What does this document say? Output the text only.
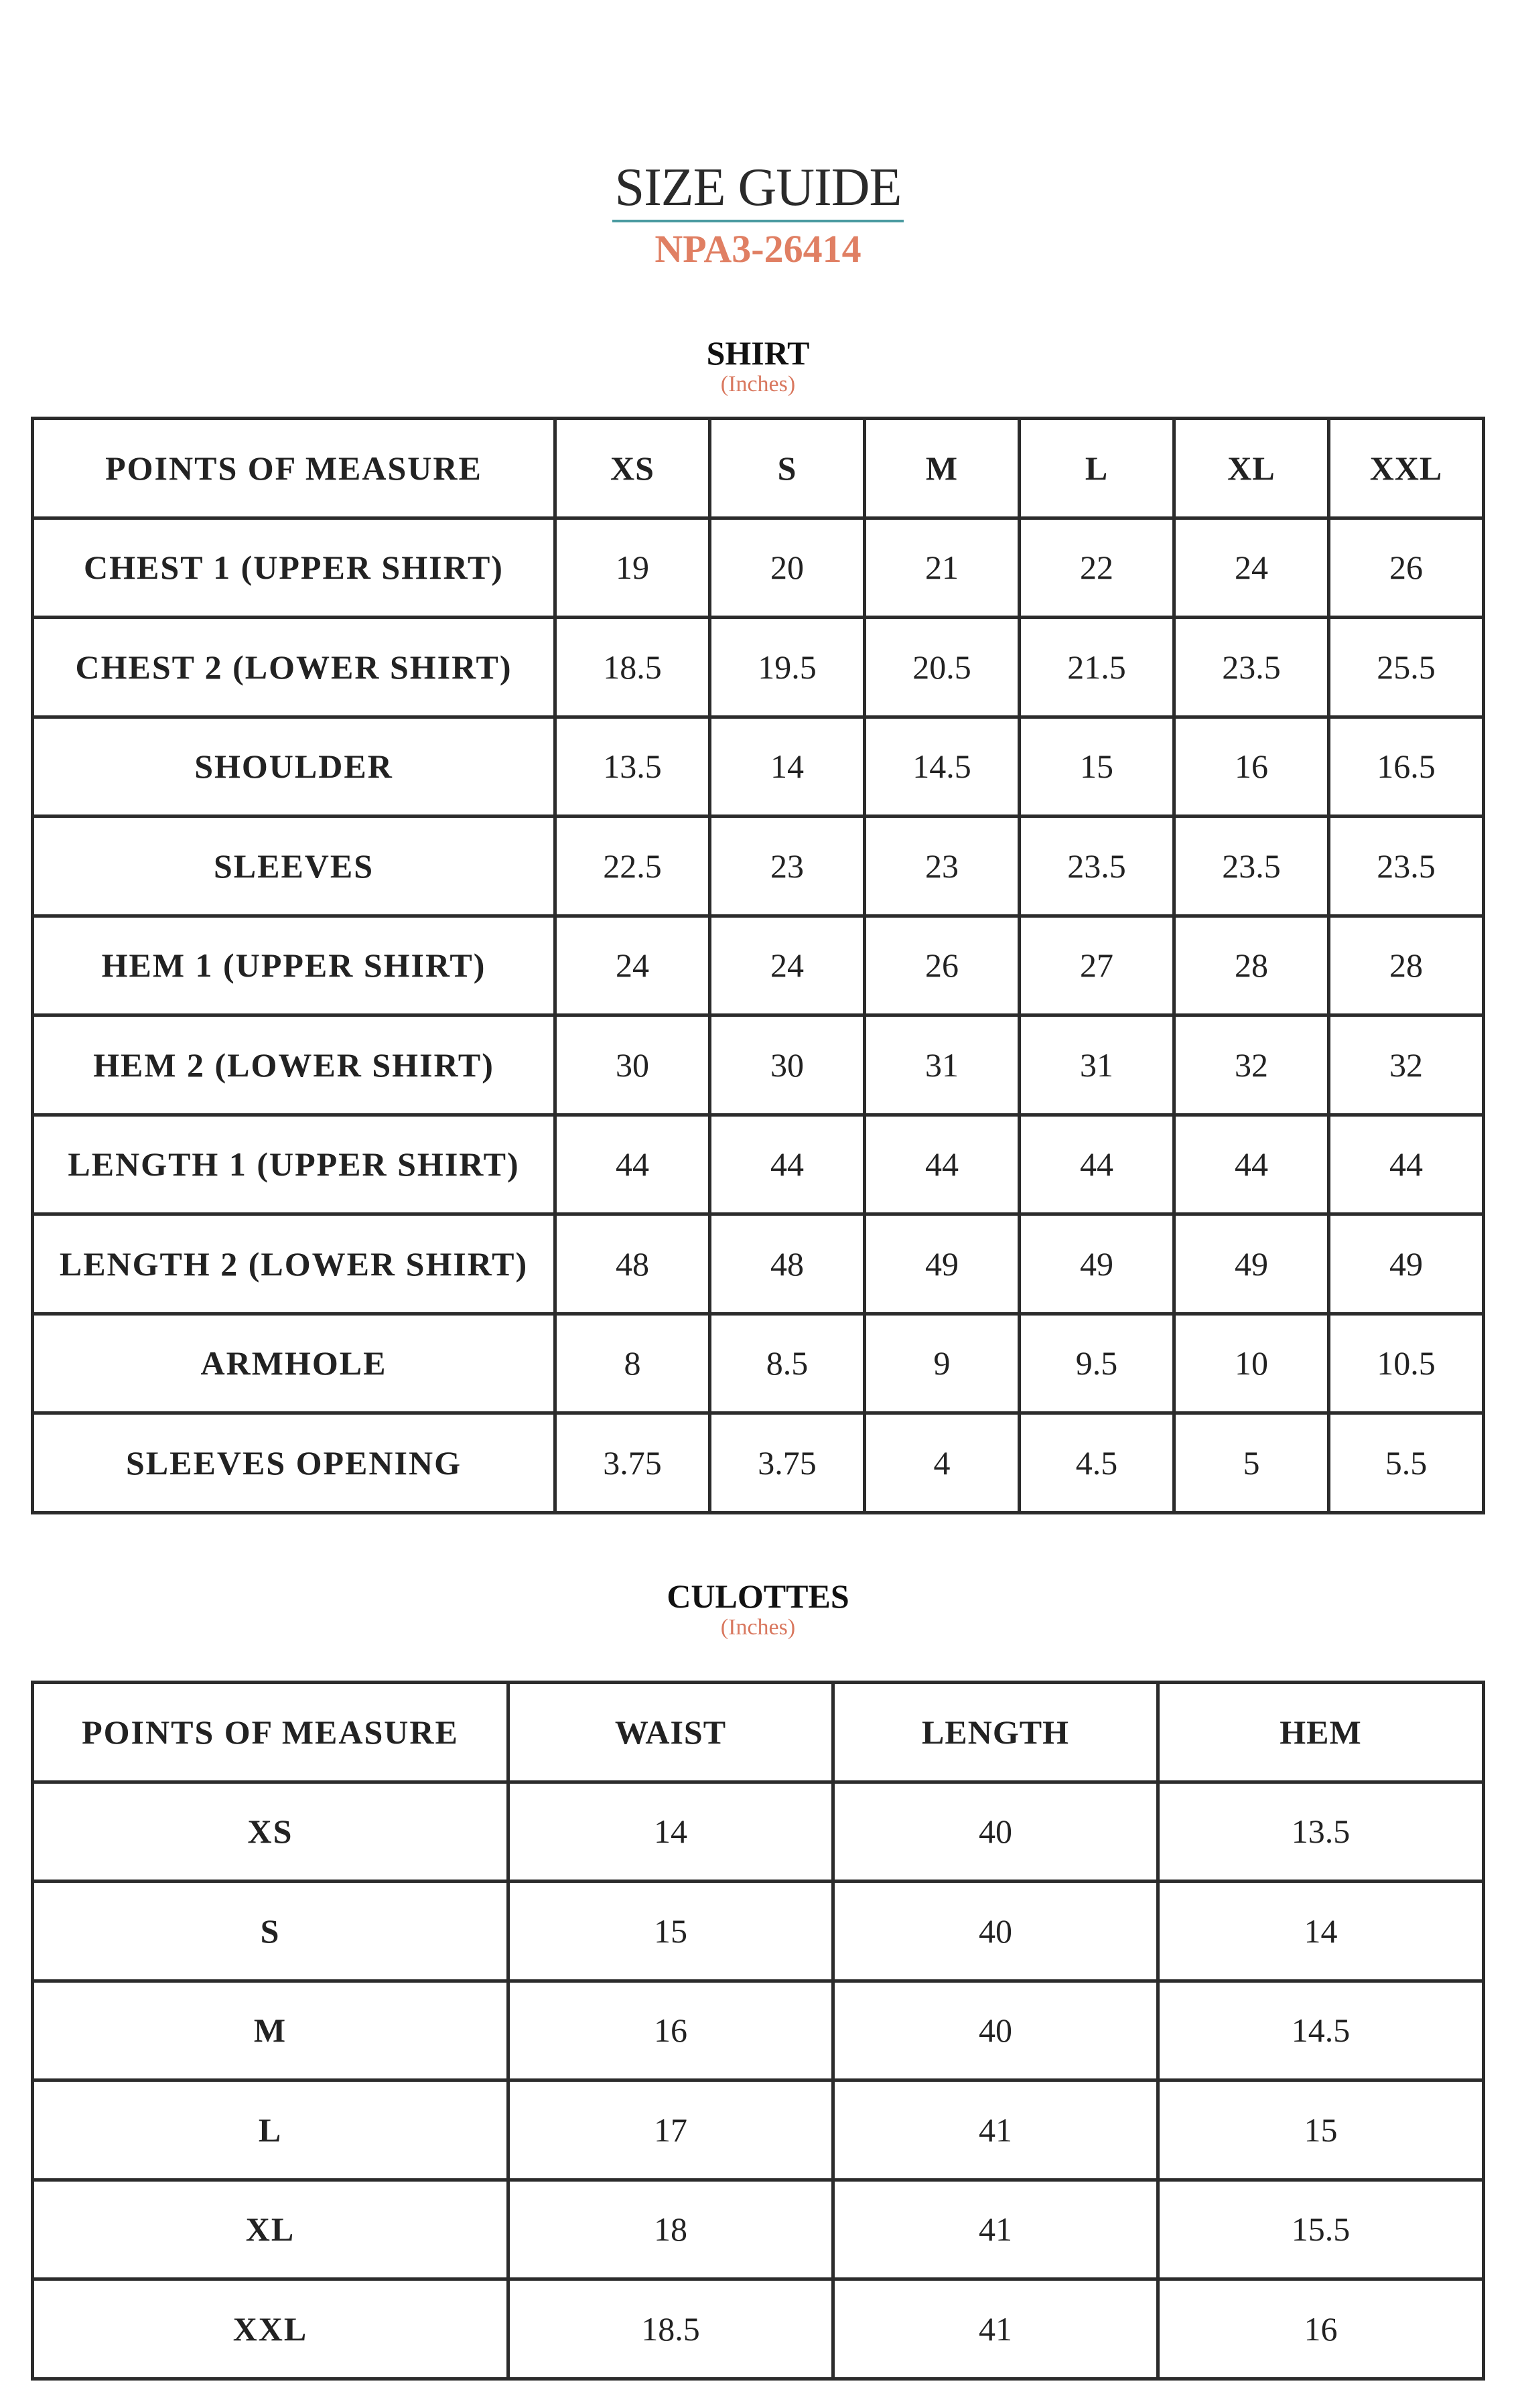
SIZE GUIDE
NPA3-26414
SHIRT
(Inches)
POINTS OF MEASURE	XS	S	M	L	XL	XXL
CHEST 1 (UPPER SHIRT)	19	20	21	22	24	26
CHEST 2 (LOWER SHIRT)	18.5	19.5	20.5	21.5	23.5	25.5
SHOULDER	13.5	14	14.5	15	16	16.5
SLEEVES	22.5	23	23	23.5	23.5	23.5
HEM 1 (UPPER SHIRT)	24	24	26	27	28	28
HEM 2 (LOWER SHIRT)	30	30	31	31	32	32
LENGTH 1 (UPPER SHIRT)	44	44	44	44	44	44
LENGTH 2 (LOWER SHIRT)	48	48	49	49	49	49
ARMHOLE	8	8.5	9	9.5	10	10.5
SLEEVES OPENING	3.75	3.75	4	4.5	5	5.5
CULOTTES
(Inches)
POINTS OF MEASURE	WAIST	LENGTH	HEM
XS	14	40	13.5
S	15	40	14
M	16	40	14.5
L	17	41	15
XL	18	41	15.5
XXL	18.5	41	16
